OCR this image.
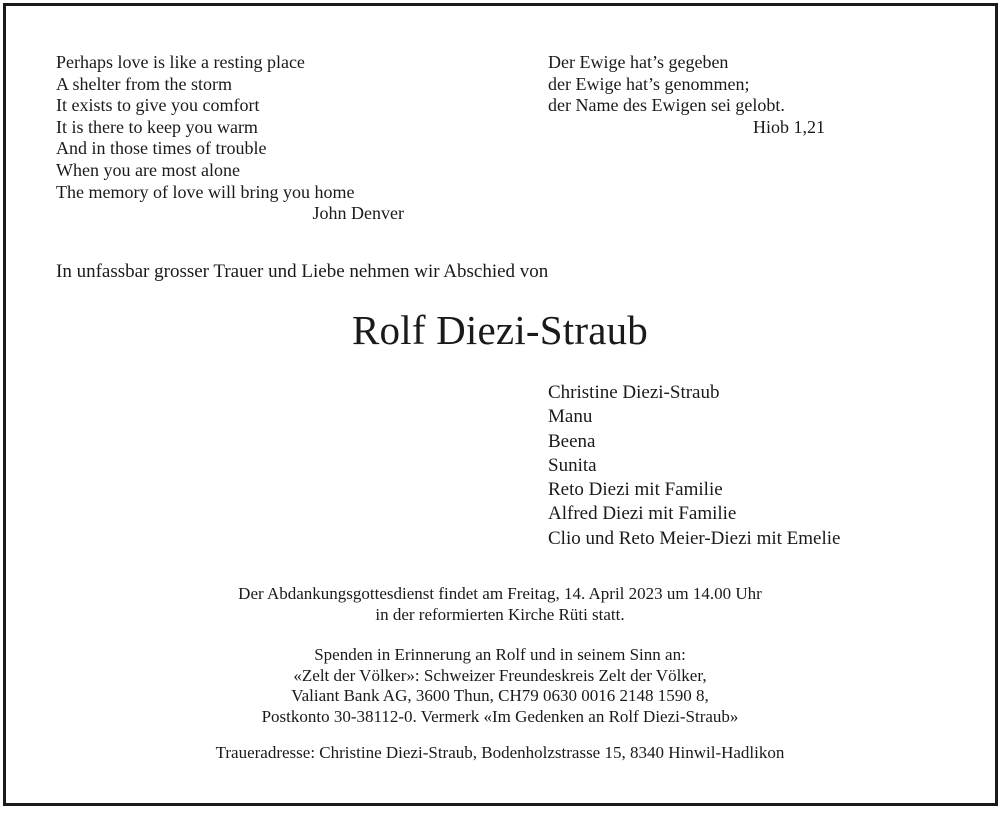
Perhaps love is like a resting place
A shelter from the storm
It exists to give you comfort
It is there to keep you warm
And in those times of trouble
When you are most alone
The memory of love will bring you home
John Denver
Der Ewige hat’s gegeben
der Ewige hat’s genommen;
der Name des Ewigen sei gelobt.
Hiob 1,21
In unfassbar grosser Trauer und Liebe nehmen wir Abschied von
Rolf Diezi-Straub
Christine Diezi-Straub
Manu
Beena
Sunita
Reto Diezi mit Familie
Alfred Diezi mit Familie
Clio und Reto Meier-Diezi mit Emelie
Der Abdankungsgottesdienst findet am Freitag, 14. April 2023 um 14.00 Uhr
in der reformierten Kirche Rüti statt.
Spenden in Erinnerung an Rolf und in seinem Sinn an:
«Zelt der Völker»: Schweizer Freundeskreis Zelt der Völker,
Valiant Bank AG, 3600 Thun, CH79 0630 0016 2148 1590 8,
Postkonto 30-38112-0. Vermerk «Im Gedenken an Rolf Diezi-Straub»
Traueradresse: Christine Diezi-Straub, Bodenholzstrasse 15, 8340 Hinwil-Hadlikon
